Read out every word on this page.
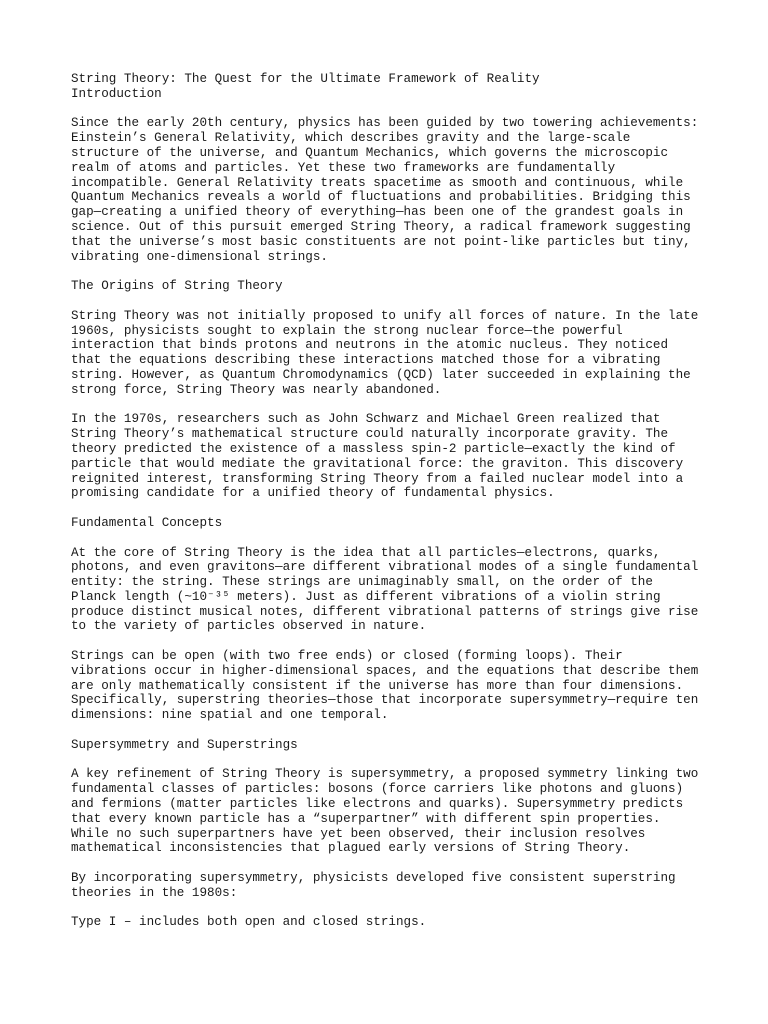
String Theory: The Quest for the Ultimate Framework of Reality
Introduction
Since the early 20th century, physics has been guided by two towering achievements:
Einstein’s General Relativity, which describes gravity and the large-scale
structure of the universe, and Quantum Mechanics, which governs the microscopic
realm of atoms and particles. Yet these two frameworks are fundamentally
incompatible. General Relativity treats spacetime as smooth and continuous, while
Quantum Mechanics reveals a world of fluctuations and probabilities. Bridging this
gap—creating a unified theory of everything—has been one of the grandest goals in
science. Out of this pursuit emerged String Theory, a radical framework suggesting
that the universe’s most basic constituents are not point-like particles but tiny,
vibrating one-dimensional strings.
The Origins of String Theory
String Theory was not initially proposed to unify all forces of nature. In the late
1960s, physicists sought to explain the strong nuclear force—the powerful
interaction that binds protons and neutrons in the atomic nucleus. They noticed
that the equations describing these interactions matched those for a vibrating
string. However, as Quantum Chromodynamics (QCD) later succeeded in explaining the
strong force, String Theory was nearly abandoned.
In the 1970s, researchers such as John Schwarz and Michael Green realized that
String Theory’s mathematical structure could naturally incorporate gravity. The
theory predicted the existence of a massless spin-2 particle—exactly the kind of
particle that would mediate the gravitational force: the graviton. This discovery
reignited interest, transforming String Theory from a failed nuclear model into a
promising candidate for a unified theory of fundamental physics.
Fundamental Concepts
At the core of String Theory is the idea that all particles—electrons, quarks,
photons, and even gravitons—are different vibrational modes of a single fundamental
entity: the string. These strings are unimaginably small, on the order of the
Planck length (~10⁻³⁵ meters). Just as different vibrations of a violin string
produce distinct musical notes, different vibrational patterns of strings give rise
to the variety of particles observed in nature.
Strings can be open (with two free ends) or closed (forming loops). Their
vibrations occur in higher-dimensional spaces, and the equations that describe them
are only mathematically consistent if the universe has more than four dimensions.
Specifically, superstring theories—those that incorporate supersymmetry—require ten
dimensions: nine spatial and one temporal.
Supersymmetry and Superstrings
A key refinement of String Theory is supersymmetry, a proposed symmetry linking two
fundamental classes of particles: bosons (force carriers like photons and gluons)
and fermions (matter particles like electrons and quarks). Supersymmetry predicts
that every known particle has a “superpartner” with different spin properties.
While no such superpartners have yet been observed, their inclusion resolves
mathematical inconsistencies that plagued early versions of String Theory.
By incorporating supersymmetry, physicists developed five consistent superstring
theories in the 1980s:
Type I – includes both open and closed strings.
